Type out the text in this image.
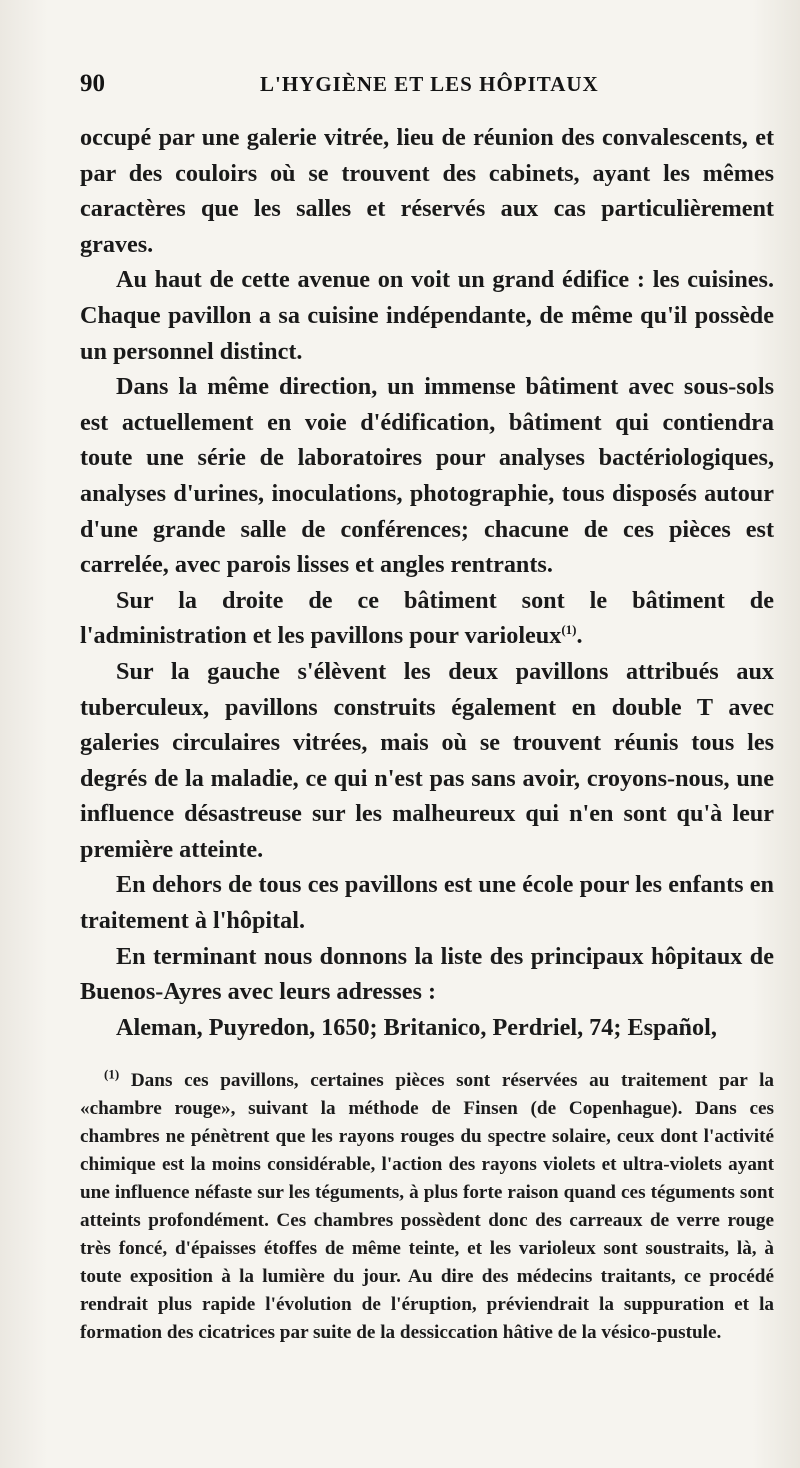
90	L'HYGIÈNE ET LES HÔPITAUX

occupé par une galerie vitrée, lieu de réunion des convalescents, et par des couloirs où se trouvent des cabinets, ayant les mêmes caractères que les salles et réservés aux cas particulièrement graves.

Au haut de cette avenue on voit un grand édifice : les cuisines. Chaque pavillon a sa cuisine indépendante, de même qu'il possède un personnel distinct.

Dans la même direction, un immense bâtiment avec sous-sols est actuellement en voie d'édification, bâtiment qui contiendra toute une série de laboratoires pour analyses bactériologiques, analyses d'urines, inoculations, photographie, tous disposés autour d'une grande salle de conférences; chacune de ces pièces est carrelée, avec parois lisses et angles rentrants.

Sur la droite de ce bâtiment sont le bâtiment de l'administration et les pavillons pour varioleux$^{(1)}$.

Sur la gauche s'élèvent les deux pavillons attribués aux tuberculeux, pavillons construits également en double T avec galeries circulaires vitrées, mais où se trouvent réunis tous les degrés de la maladie, ce qui n'est pas sans avoir, croyons-nous, une influence désastreuse sur les malheureux qui n'en sont qu'à leur première atteinte.

En dehors de tous ces pavillons est une école pour les enfants en traitement à l'hôpital.

En terminant nous donnons la liste des principaux hôpitaux de Buenos-Ayres avec leurs adresses :

Aleman, Puyredon, 1650; Britanico, Perdriel, 74; Español,

$^{(1)}$ Dans ces pavillons, certaines pièces sont réservées au traitement par la «chambre rouge», suivant la méthode de Finsen (de Copenhague). Dans ces chambres ne pénètrent que les rayons rouges du spectre solaire, ceux dont l'activité chimique est la moins considérable, l'action des rayons violets et ultra-violets ayant une influence néfaste sur les téguments, à plus forte raison quand ces téguments sont atteints profondément. Ces chambres possèdent donc des carreaux de verre rouge très foncé, d'épaisses étoffes de même teinte, et les varioleux sont soustraits, là, à toute exposition à la lumière du jour. Au dire des médecins traitants, ce procédé rendrait plus rapide l'évolution de l'éruption, préviendrait la suppuration et la formation des cicatrices par suite de la dessiccation hâtive de la vésico-pustule.
